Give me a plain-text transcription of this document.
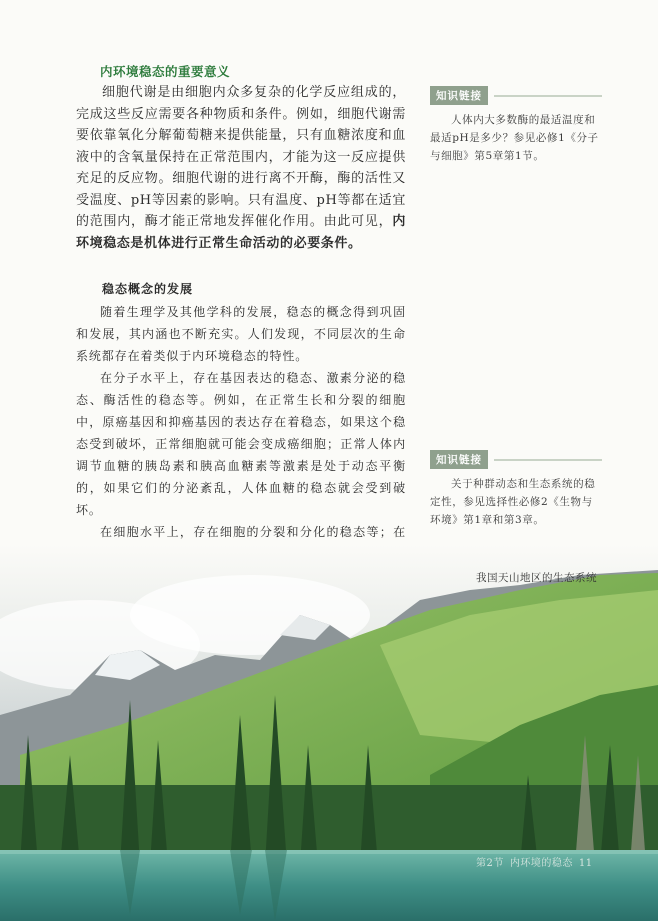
内环境稳态的重要意义

细胞代谢是由细胞内众多复杂的化学反应组成的，完成这些反应需要各种物质和条件。例如，细胞代谢需要依靠氧化分解葡萄糖来提供能量，只有血糖浓度和血液中的含氧量保持在正常范围内，才能为这一反应提供充足的反应物。细胞代谢的进行离不开酶，酶的活性又受温度、pH等因素的影响。只有温度、pH等都在适宜的范围内，酶才能正常地发挥催化作用。由此可见，内环境稳态是机体进行正常生命活动的必要条件。

稳态概念的发展

随着生理学及其他学科的发展，稳态的概念得到巩固和发展，其内涵也不断充实。人们发现，不同层次的生命系统都存在着类似于内环境稳态的特性。

在分子水平上，存在基因表达的稳态、激素分泌的稳态、酶活性的稳态等。例如，在正常生长和分裂的细胞中，原癌基因和抑癌基因的表达存在着稳态，如果这个稳态受到破坏，正常细胞就可能会变成癌细胞；正常人体内调节血糖的胰岛素和胰高血糖素等激素是处于动态平衡的，如果它们的分泌紊乱，人体血糖的稳态就会受到破坏。

在细胞水平上，存在细胞的分裂和分化的稳态等；在

知识链接
人体内大多数酶的最适温度和最适pH是多少？参见必修1《分子与细胞》第5章第1节。
知识链接
关于种群动态和生态系统的稳定性，参见选择性必修2《生物与环境》第1章和第3章。
我国天山地区的生态系统
第2节 内环境的稳态 11
